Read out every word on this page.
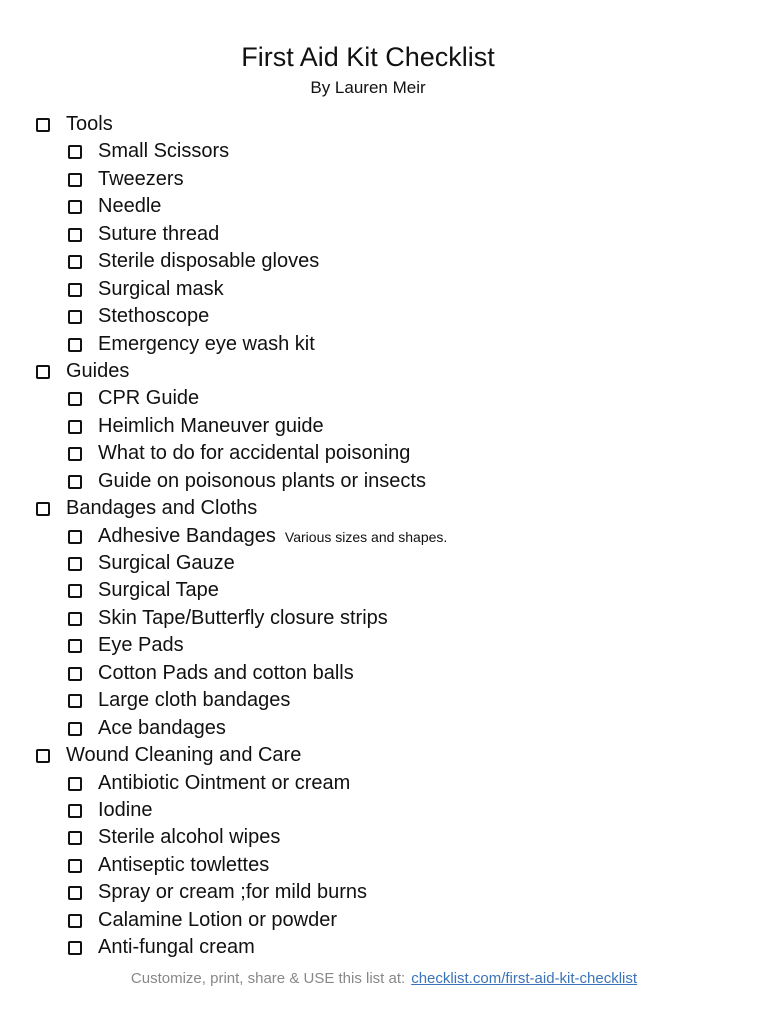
First Aid Kit Checklist
By Lauren Meir
Tools
Small Scissors
Tweezers
Needle
Suture thread
Sterile disposable gloves
Surgical mask
Stethoscope
Emergency eye wash kit
Guides
CPR Guide
Heimlich Maneuver guide
What to do for accidental poisoning
Guide on poisonous plants or insects
Bandages and Cloths
Adhesive Bandages Various sizes and shapes.
Surgical Gauze
Surgical Tape
Skin Tape/Butterfly closure strips
Eye Pads
Cotton Pads and cotton balls
Large cloth bandages
Ace bandages
Wound Cleaning and Care
Antibiotic Ointment or cream
Iodine
Sterile alcohol wipes
Antiseptic towlettes
Spray or cream ;for mild burns
Calamine Lotion or powder
Anti-fungal cream
Customize, print, share & USE this list at: checklist.com/first-aid-kit-checklist
